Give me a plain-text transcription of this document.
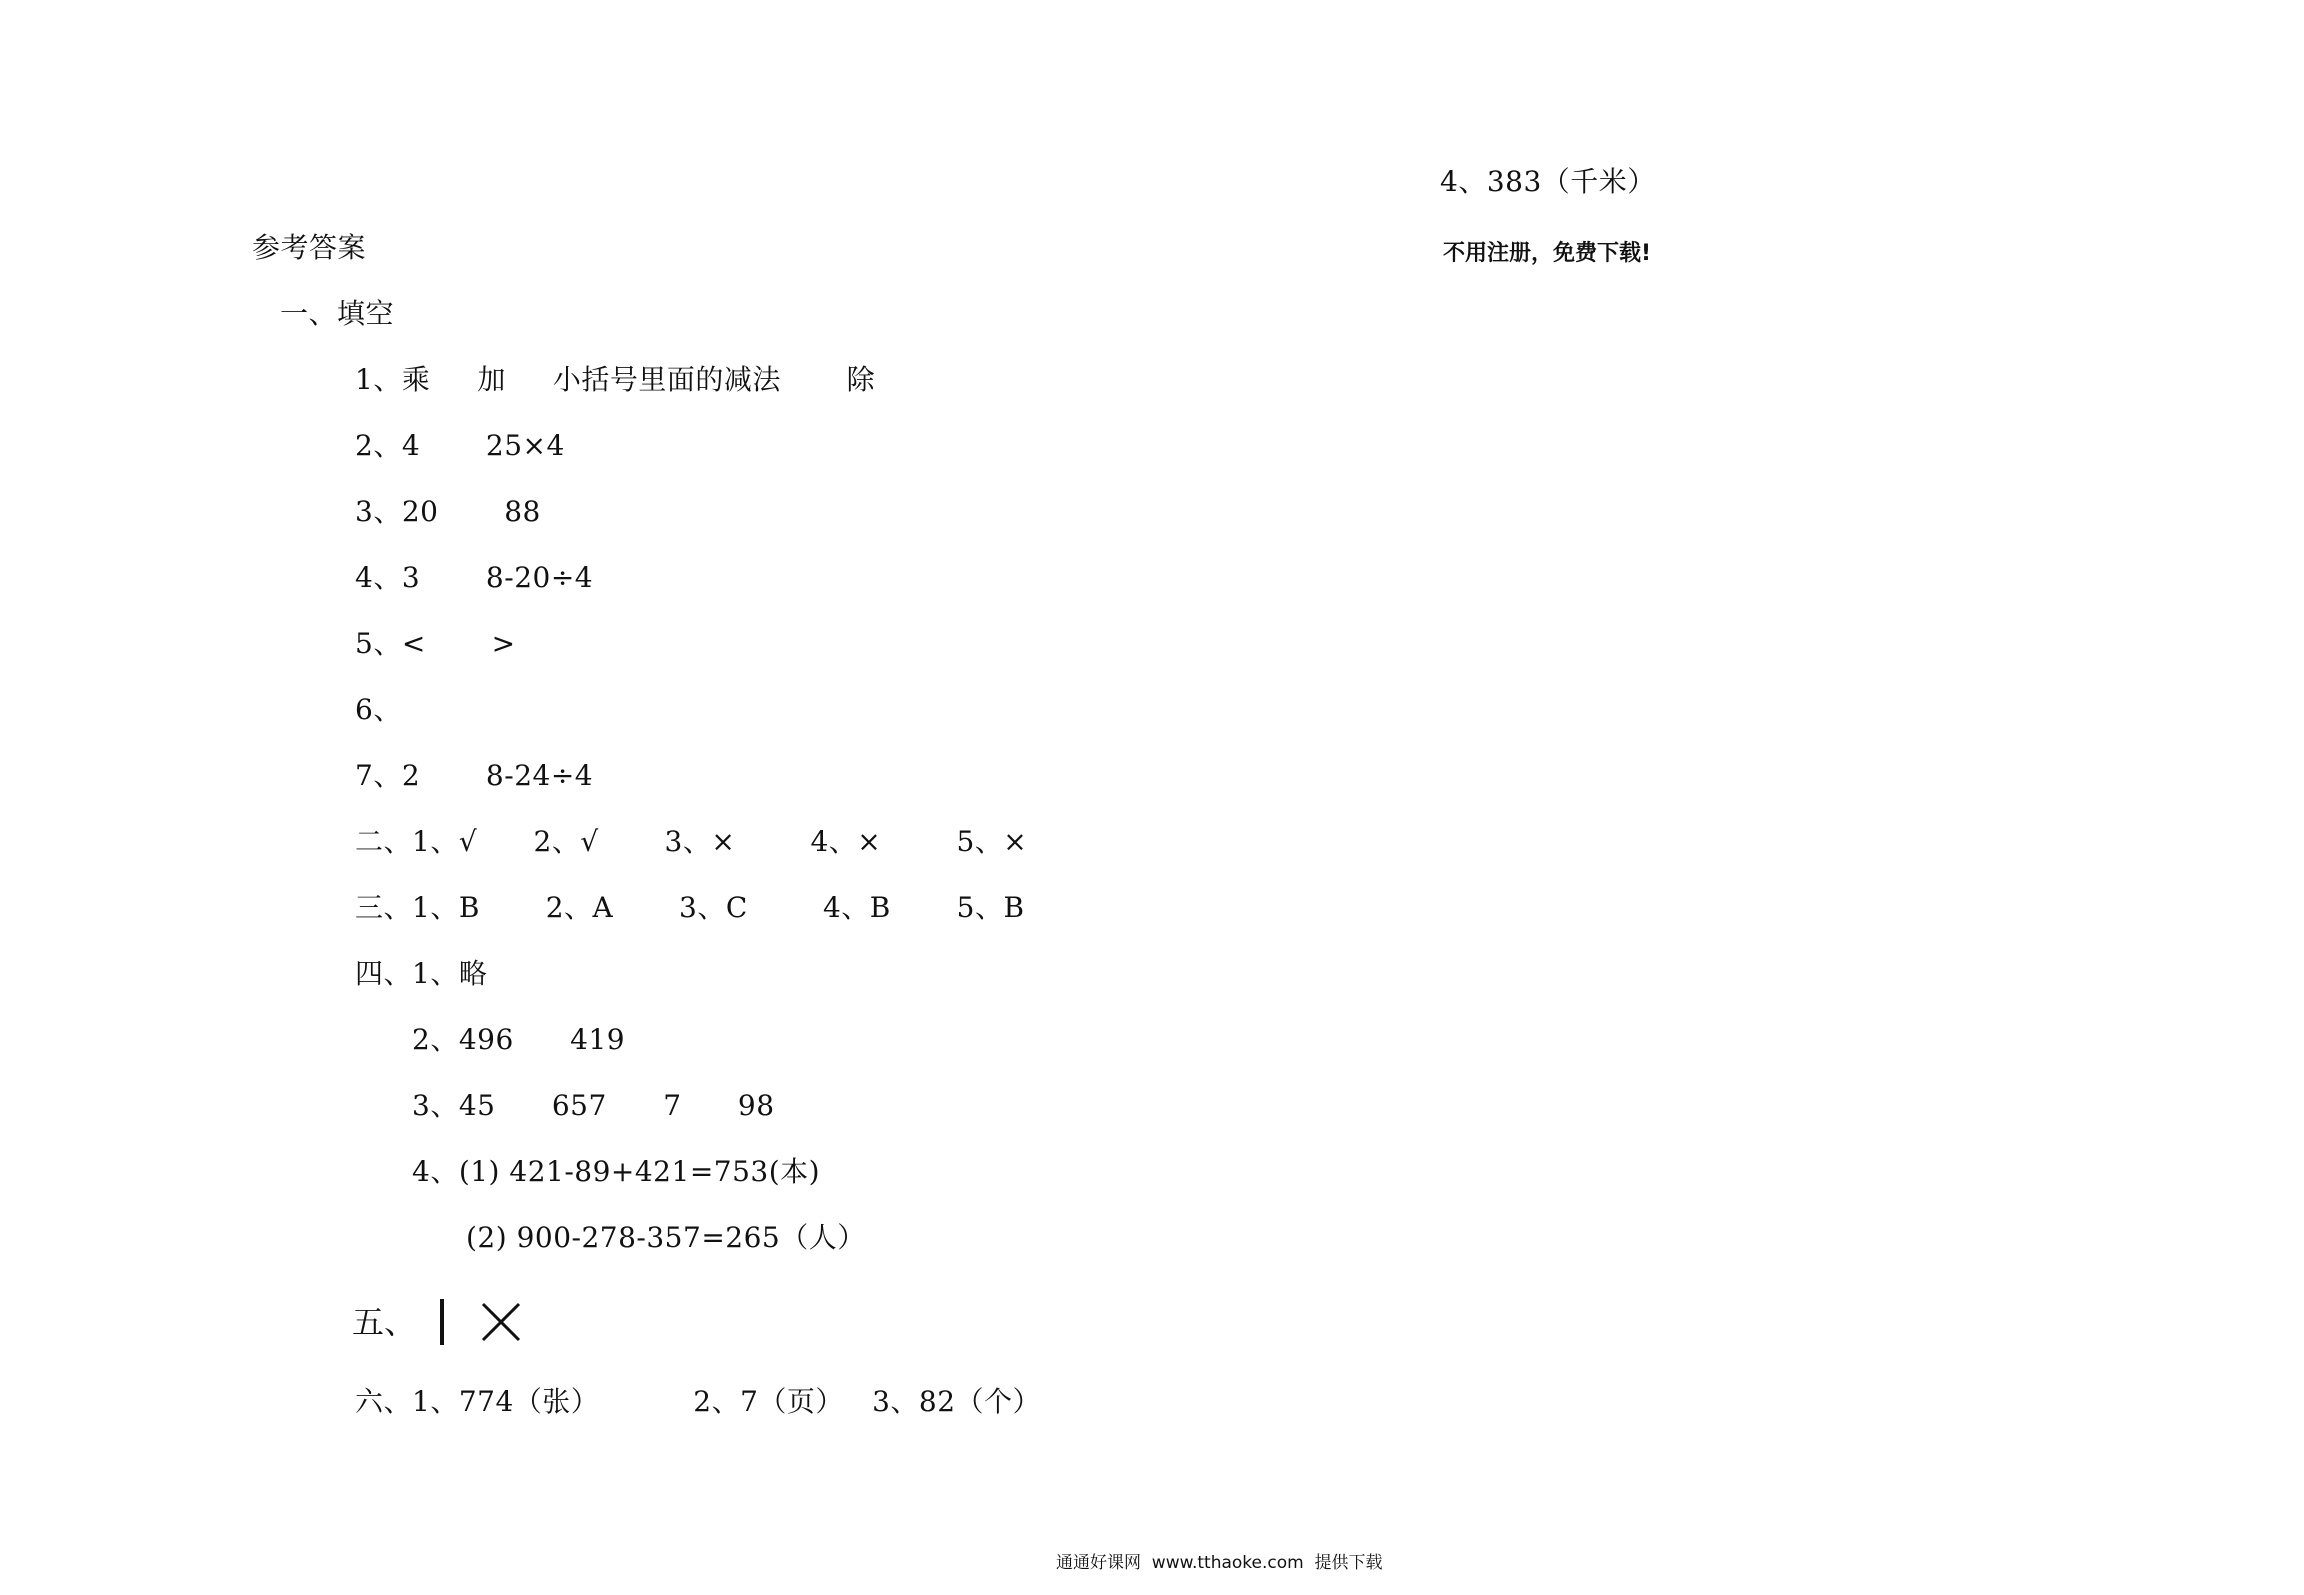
4、383（千米）
不用注册，免费下载!
参考答案
一、填空
1、乘     加     小括号里面的减法       除
2、4       25×4
3、20       88
4、3       8-20÷4
5、<       >
6、
7、2       8-24÷4
二、1、√      2、√       3、×        4、×        5、×
三、1、B       2、A       3、C        4、B       5、B
四、1、略
2、496      419
3、45      657      7      98
4、(1) 421-89+421=753(本)
(2) 900-278-357=265（人）
五、
六、1、774（张）          2、7（页）   3、82（个）
通通好课网  www.tthaoke.com  提供下载
